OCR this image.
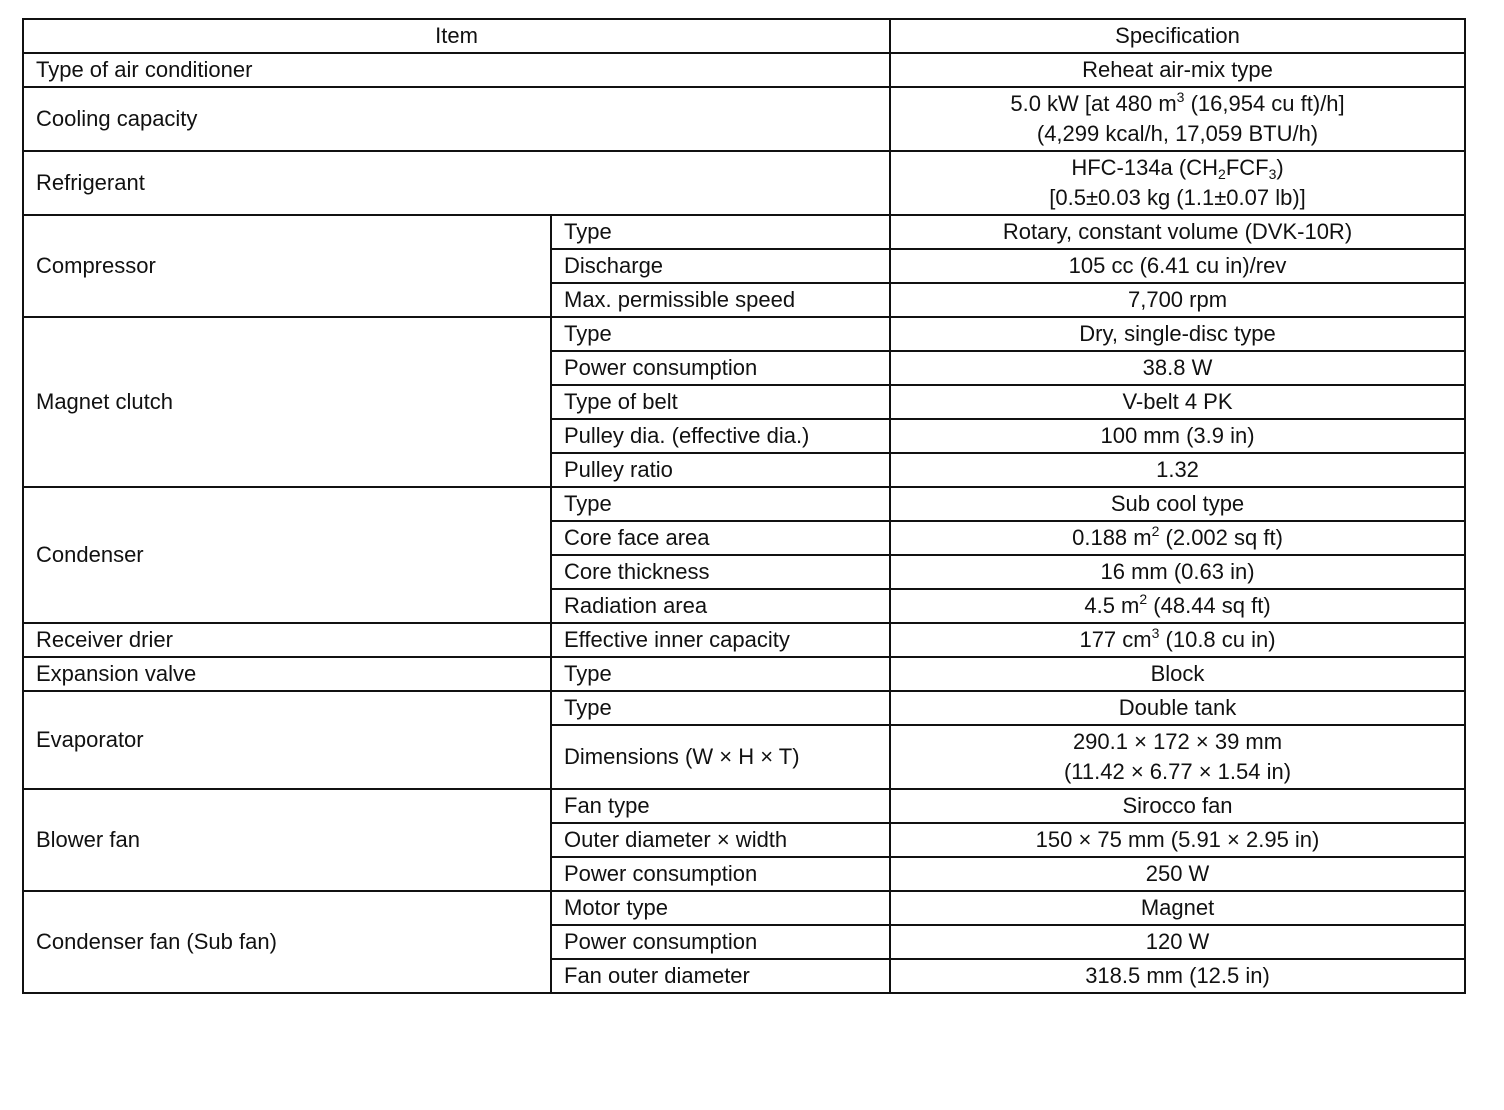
Item		Specification
Type of air conditioner		Reheat air-mix type
Cooling capacity		5.0 kW [at 480 $m^3$ (16,954 cu ft)/h]
(4,299 kcal/h, 17,059 BTU/h)

Refrigerant		HFC-134a $(CH_2FCF_3)$
[0.5±0.03 kg (1.1±0.07 lb)]

Compressor	Type	Rotary, constant volume (DVK-10R)
	Discharge	105 cc (6.41 cu in)/rev
	Max. permissible speed	7,700 rpm
Magnet clutch	Type	Dry, single-disc type
	Power consumption	38.8 W
	Type of belt	V-belt 4 PK
	Pulley dia. (effective dia.)	100 mm (3.9 in)
	Pulley ratio	1.32
Condenser	Type	Sub cool type
	Core face area	0.188 $m^2$ (2.002 sq ft)
	Core thickness	16 mm (0.63 in)
	Radiation area	4.5 $m^2$ (48.44 sq ft)
Receiver drier	Effective inner capacity	177 $cm^3$ (10.8 cu in)
Expansion valve	Type	Block
Evaporator	Type	Double tank
	Dimensions (W × H × T)	290.1 × 172 × 39 mm
(11.42 × 6.77 × 1.54 in)

Blower fan	Fan type	Sirocco fan
	Outer diameter × width	150 × 75 mm (5.91 × 2.95 in)
	Power consumption	250 W
Condenser fan (Sub fan)	Motor type	Magnet
	Power consumption	120 W
	Fan outer diameter	318.5 mm (12.5 in)
